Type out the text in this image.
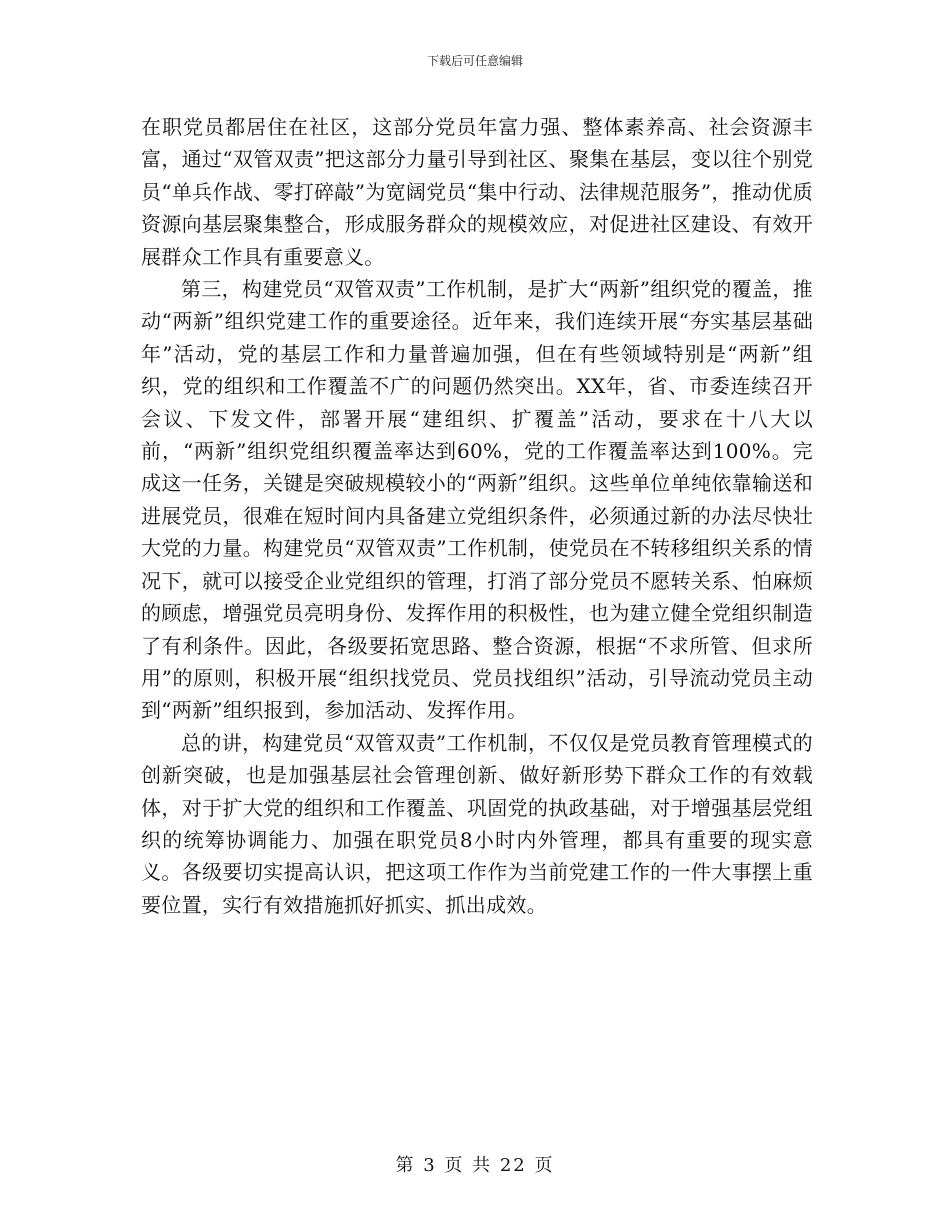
下载后可任意编辑

在职党员都居住在社区，这部分党员年富力强、整体素养高、社会资源丰富，通过“双管双责”把这部分力量引导到社区、聚集在基层，变以往个别党员“单兵作战、零打碎敲”为宽阔党员“集中行动、法律规范服务”，推动优质资源向基层聚集整合，形成服务群众的规模效应，对促进社区建设、有效开展群众工作具有重要意义。

第三，构建党员“双管双责”工作机制，是扩大“两新”组织党的覆盖，推动“两新”组织党建工作的重要途径。近年来，我们连续开展“夯实基层基础年”活动，党的基层工作和力量普遍加强，但在有些领域特别是“两新”组织，党的组织和工作覆盖不广的问题仍然突出。XX年，省、市委连续召开会议、下发文件，部署开展“建组织、扩覆盖”活动，要求在十八大以前，“两新”组织党组织覆盖率达到60%，党的工作覆盖率达到100%。完成这一任务，关键是突破规模较小的“两新”组织。这些单位单纯依靠输送和进展党员，很难在短时间内具备建立党组织条件，必须通过新的办法尽快壮大党的力量。构建党员“双管双责”工作机制，使党员在不转移组织关系的情况下，就可以接受企业党组织的管理，打消了部分党员不愿转关系、怕麻烦的顾虑，增强党员亮明身份、发挥作用的积极性，也为建立健全党组织制造了有利条件。因此，各级要拓宽思路、整合资源，根据“不求所管、但求所用”的原则，积极开展“组织找党员、党员找组织”活动，引导流动党员主动到“两新”组织报到，参加活动、发挥作用。

总的讲，构建党员“双管双责”工作机制，不仅仅是党员教育管理模式的创新突破，也是加强基层社会管理创新、做好新形势下群众工作的有效载体，对于扩大党的组织和工作覆盖、巩固党的执政基础，对于增强基层党组织的统筹协调能力、加强在职党员8小时内外管理，都具有重要的现实意义。各级要切实提高认识，把这项工作作为当前党建工作的一件大事摆上重要位置，实行有效措施抓好抓实、抓出成效。

第 3 页 共 22 页
